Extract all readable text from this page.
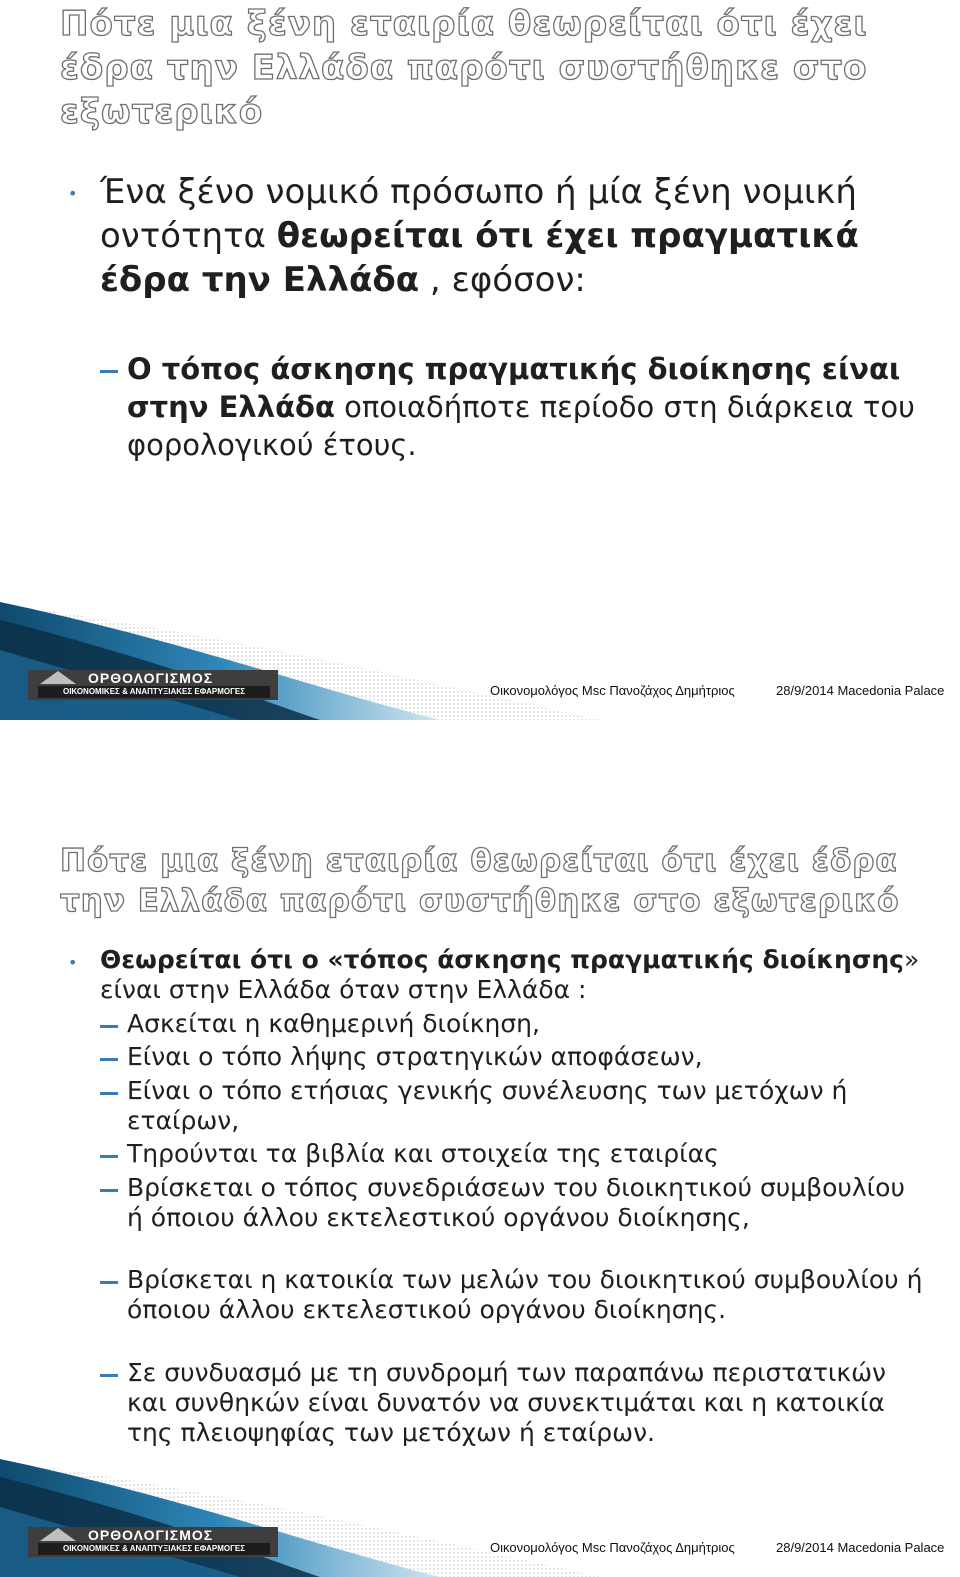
Πότε μια ξένη εταιρία θεωρείται ότι έχει έδρα την Ελλάδα παρότι συστήθηκε στο εξωτερικό
• Ένα ξένο νομικό πρόσωπο ή μία ξένη νομική οντότητα θεωρείται ότι έχει πραγματικά έδρα την Ελλάδα , εφόσον:
Ο τόπος άσκησης πραγματικής διοίκησης είναι στην Ελλάδα οποιαδήποτε περίοδο στη διάρκεια του φορολογικού έτους.
ΟΡΘΟΛΟΓΙΣΜΟΣ
ΟΙΚΟΝΟΜΙΚΕΣ & ΑΝΑΠΤΥΞΙΑΚΕΣ ΕΦΑΡΜΟΓΕΣ	Οικονομολόγος Msc Πανοζάχος Δημήτριος	28/9/2014 Macedonia Palace
Πότε μια ξένη εταιρία θεωρείται ότι έχει έδρα την Ελλάδα παρότι συστήθηκε στο εξωτερικό
• Θεωρείται ότι ο «τόπος άσκησης πραγματικής διοίκησης» είναι στην Ελλάδα όταν στην Ελλάδα :
Ασκείται η καθημερινή διοίκηση,
Είναι ο τόπο λήψης στρατηγικών αποφάσεων,
Είναι ο τόπο ετήσιας γενικής συνέλευσης των μετόχων ή εταίρων,
Τηρούνται τα βιβλία και στοιχεία της εταιρίας
Βρίσκεται ο τόπος συνεδριάσεων του διοικητικού συμβουλίου ή όποιου άλλου εκτελεστικού οργάνου διοίκησης,
Βρίσκεται η κατοικία των μελών του διοικητικού συμβουλίου ή όποιου άλλου εκτελεστικού οργάνου διοίκησης.
Σε συνδυασμό με τη συνδρομή των παραπάνω περιστατικών και συνθηκών είναι δυνατόν να συνεκτιμάται και η κατοικία της πλειοψηφίας των μετόχων ή εταίρων.
ΟΡΘΟΛΟΓΙΣΜΟΣ
ΟΙΚΟΝΟΜΙΚΕΣ & ΑΝΑΠΤΥΞΙΑΚΕΣ ΕΦΑΡΜΟΓΕΣ	Οικονομολόγος Msc Πανοζάχος Δημήτριος	28/9/2014 Macedonia Palace
